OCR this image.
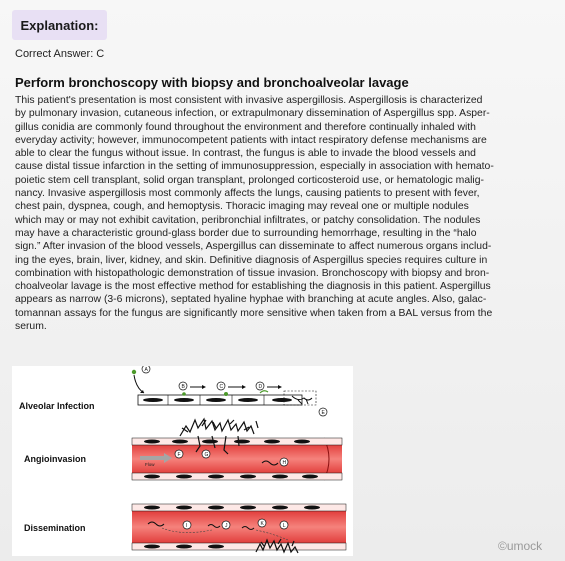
Explanation:
Correct Answer: C
Perform bronchoscopy with biopsy and bronchoalveolar lavage
This patient's presentation is most consistent with invasive aspergillosis. Aspergillosis is characterized
by pulmonary invasion, cutaneous infection, or extrapulmonary dissemination of Aspergillus spp. Asper-
gillus conidia are commonly found throughout the environment and therefore continually inhaled with
everyday activity; however, immunocompetent patients with intact respiratory defense mechanisms are
able to clear the fungus without issue. In contrast, the fungus is able to invade the blood vessels and
cause distal tissue infarction in the setting of immunosuppression, especially in association with hemato-
poietic stem cell transplant, solid organ transplant, prolonged corticosteroid use, or hematologic malig-
nancy. Invasive aspergillosis most commonly affects the lungs, causing patients to present with fever,
chest pain, dyspnea, cough, and hemoptysis. Thoracic imaging may reveal one or multiple nodules
which may or may not exhibit cavitation, peribronchial infiltrates, or patchy consolidation. The nodules
may have a characteristic ground-glass border due to surrounding hemorrhage, resulting in the “halo
sign.” After invasion of the blood vessels, Aspergillus can disseminate to affect numerous organs includ-
ing the eyes, brain, liver, kidney, and skin. Definitive diagnosis of Aspergillus species requires culture in
combination with histopathologic demonstration of tissue invasion. Bronchoscopy with biopsy and bron-
choalveolar lavage is the most effective method for establishing the diagnosis in this patient. Aspergillus
appears as narrow (3-6 microns), septated hyaline hyphae with branching at acute angles. Also, galac-
tomannan assays for the fungus are significantly more sensitive when taken from a BAL versus from the
serum.
Alveolar Infection
Angioinvasion
Dissemination
A
B	C	D
E
Flow
F	G
H
I	J	K	L
©umock
